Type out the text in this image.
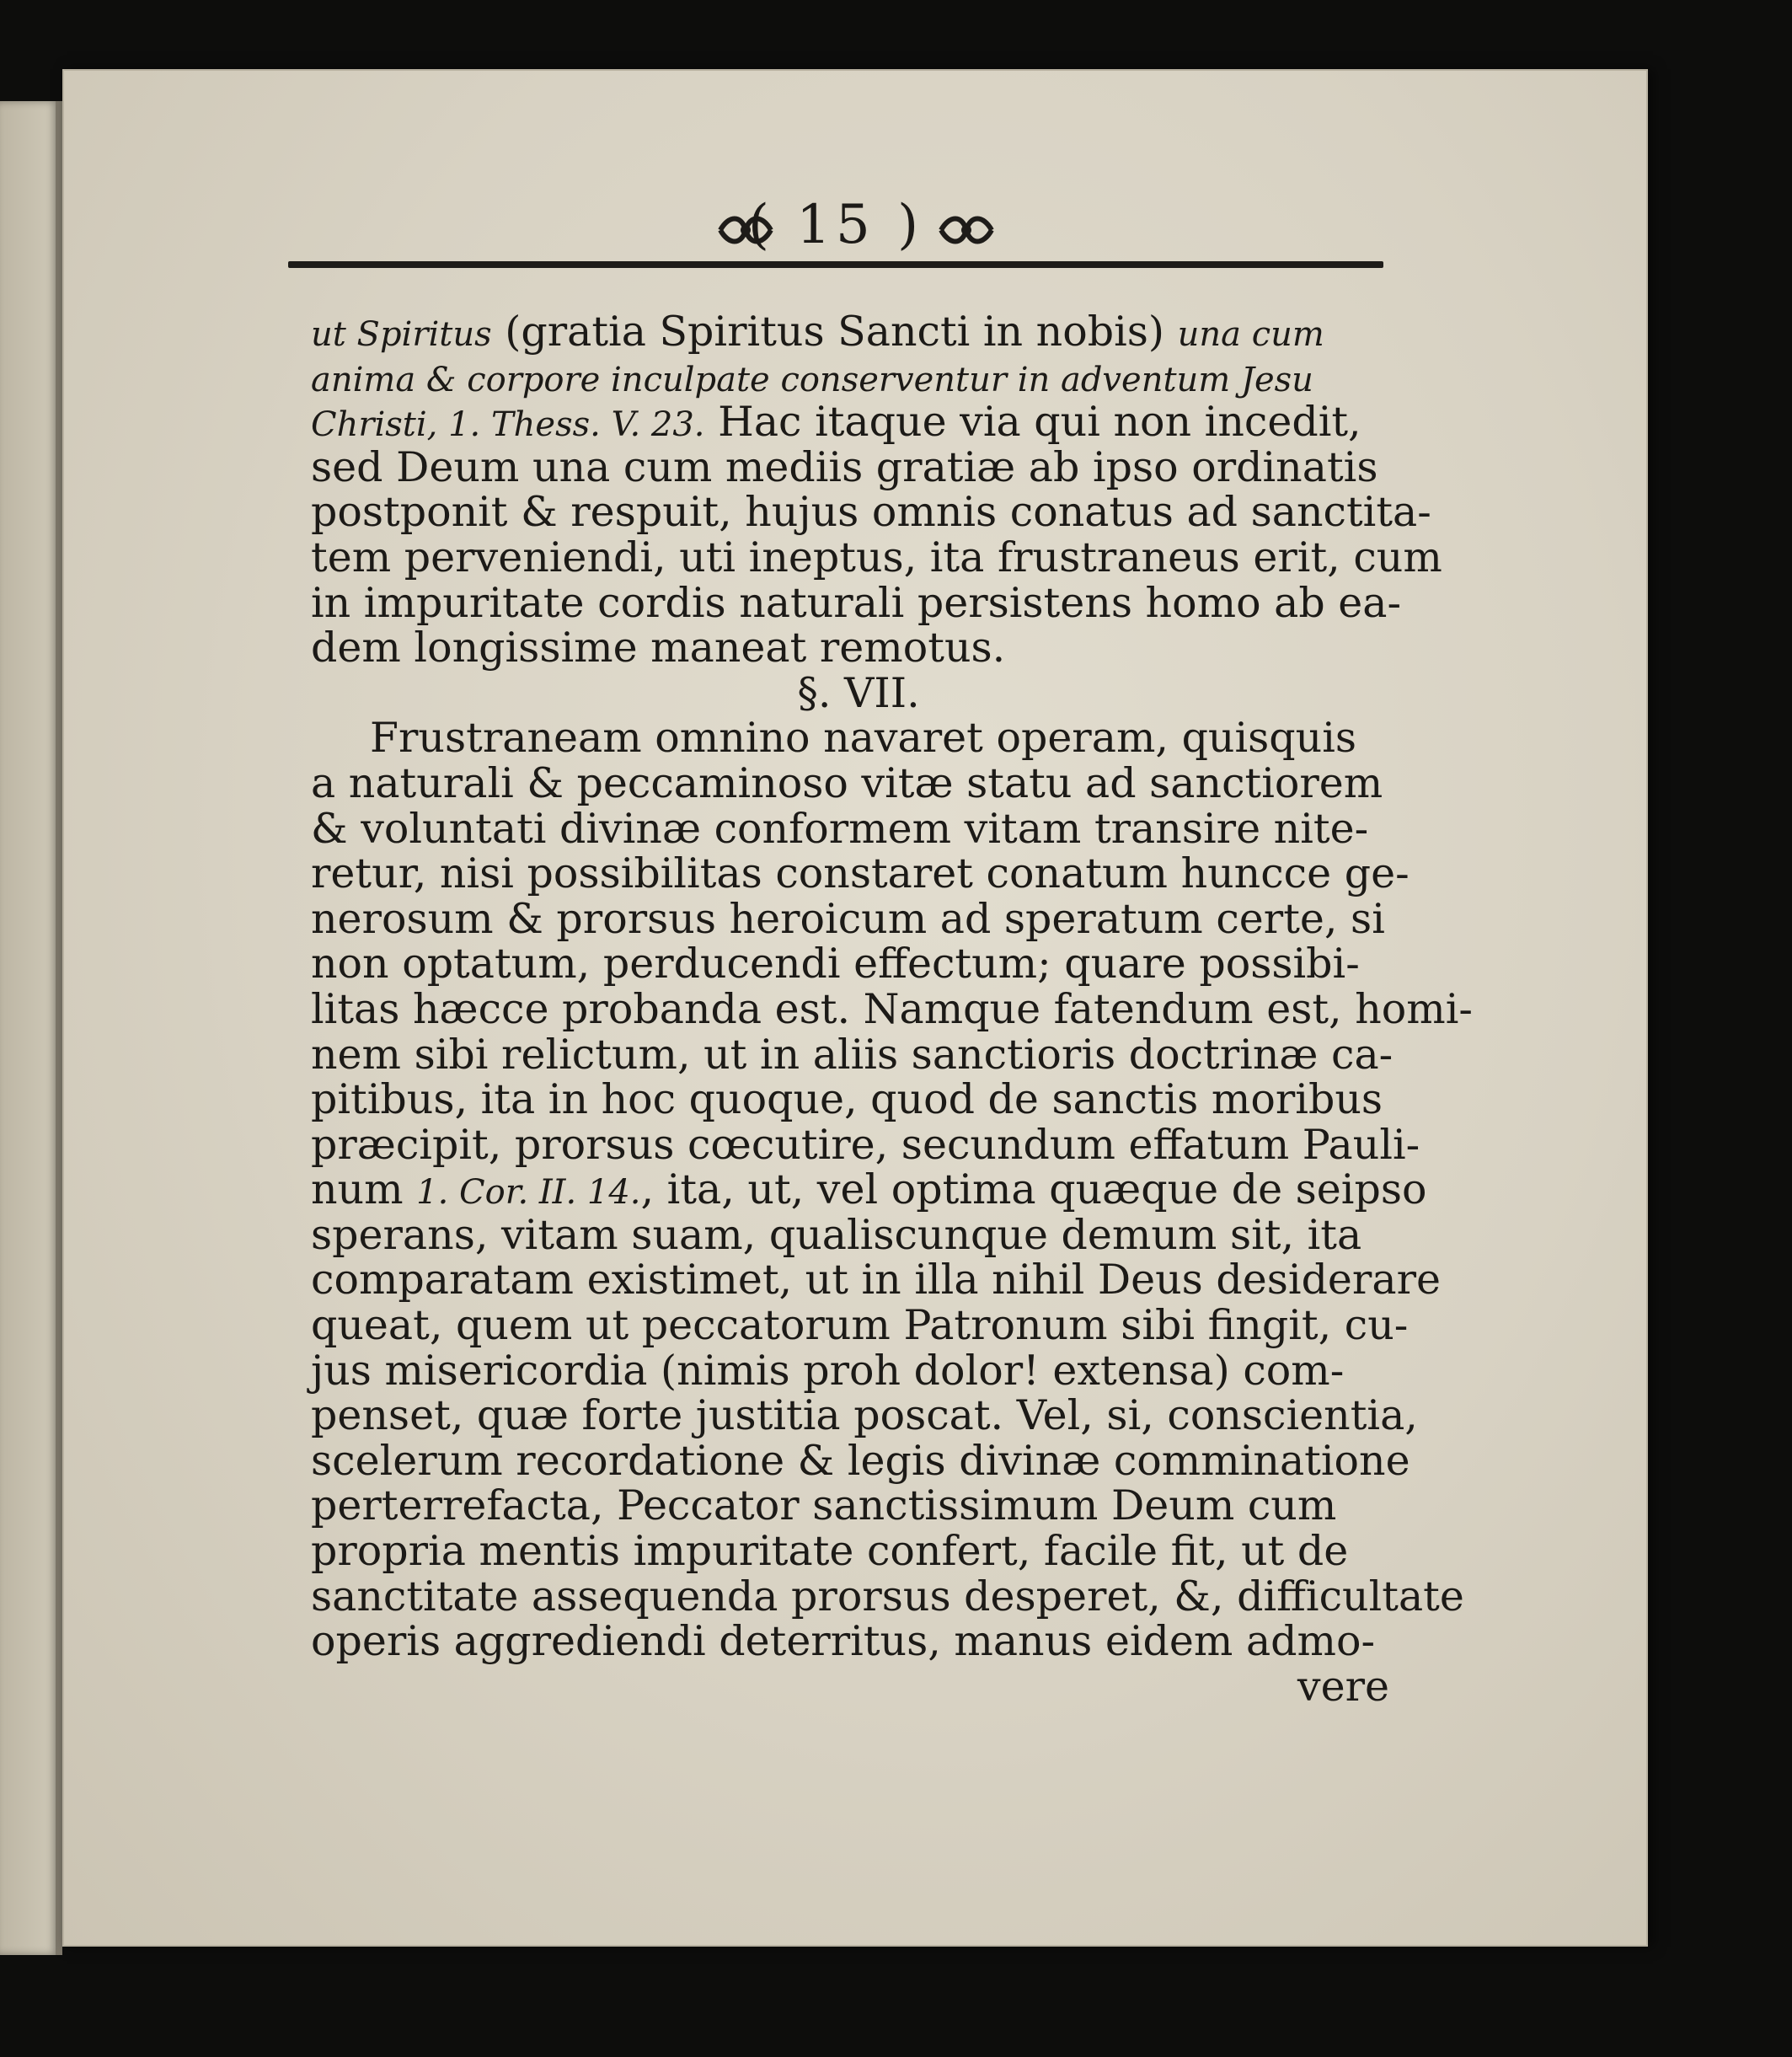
( 15 )
ut Spiritus (gratia Spiritus Sancti in nobis) una cum
anima & corpore inculpate conserventur in adventum Jesu
Christi, 1. Thess. V. 23. Hac itaque via qui non incedit,
sed Deum una cum mediis gratiæ ab ipso ordinatis
postponit & respuit, hujus omnis conatus ad sanctita-
tem perveniendi, uti ineptus, ita frustraneus erit, cum
in impuritate cordis naturali persistens homo ab ea-
dem longissime maneat remotus.
§. VII.
Frustraneam omnino navaret operam, quisquis
a naturali & peccaminoso vitæ statu ad sanctiorem
& voluntati divinæ conformem vitam transire nite-
retur, nisi possibilitas constaret conatum huncce ge-
nerosum & prorsus heroicum ad speratum certe, si
non optatum, perducendi effectum; quare possibi-
litas hæcce probanda est. Namque fatendum est, homi-
nem sibi relictum, ut in aliis sanctioris doctrinæ ca-
pitibus, ita in hoc quoque, quod de sanctis moribus
præcipit, prorsus cœcutire, secundum effatum Pauli-
num 1. Cor. II. 14., ita, ut, vel optima quæque de seipso
sperans, vitam suam, qualiscunque demum sit, ita
comparatam existimet, ut in illa nihil Deus desiderare
queat, quem ut peccatorum Patronum sibi fingit, cu-
jus misericordia (nimis proh dolor! extensa) com-
penset, quæ forte justitia poscat. Vel, si, conscientia,
scelerum recordatione & legis divinæ comminatione
perterrefacta, Peccator sanctissimum Deum cum
propria mentis impuritate confert, facile fit, ut de
sanctitate assequenda prorsus desperet, &, difficultate
operis aggrediendi deterritus, manus eidem admo-
vere
